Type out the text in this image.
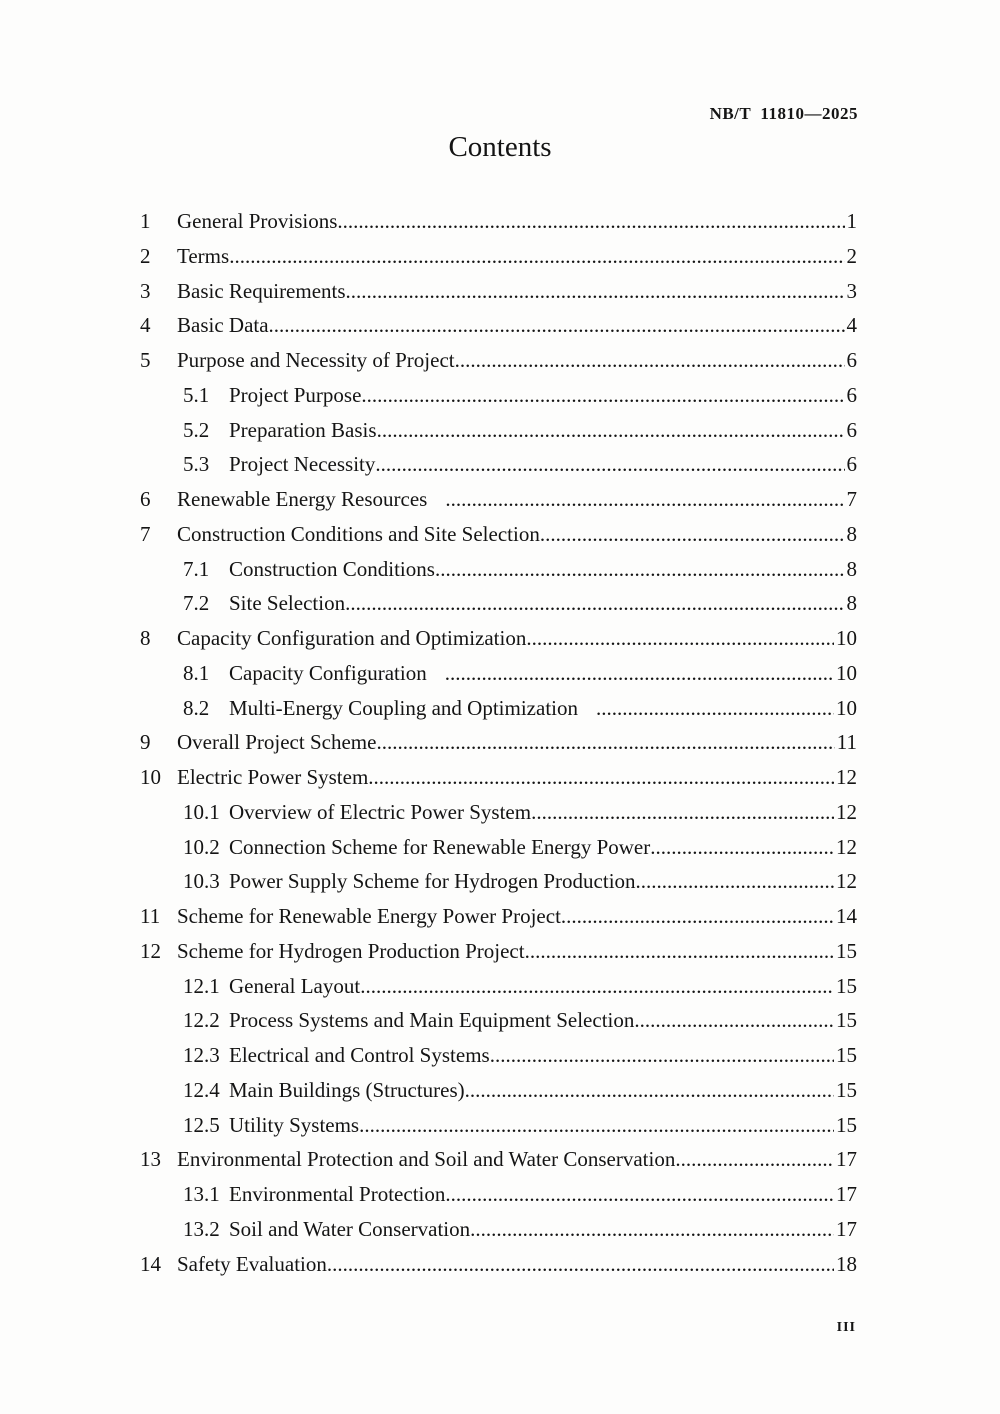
NB/T  11810—2025

Contents
1	General Provisions .....	1
2	Terms .....	2
3	Basic Requirements .....	3
4	Basic Data .....	4
5	Purpose and Necessity of Project .....	6
5.1 Project Purpose .....	6
5.2 Preparation Basis .....	6
5.3 Project Necessity .....	6
6	Renewable Energy Resources .....	7
7	Construction Conditions and Site Selection .....	8
7.1 Construction Conditions .....	8
7.2 Site Selection .....	8
8	Capacity Configuration and Optimization .....	10
8.1 Capacity Configuration .....	10
8.2 Multi-Energy Coupling and Optimization .....	10
9	Overall Project Scheme .....	11
10 Electric Power System .....	12
10.1 Overview of Electric Power System .....	12
10.2 Connection Scheme for Renewable Energy Power .....	12
10.3 Power Supply Scheme for Hydrogen Production .....	12
11 Scheme for Renewable Energy Power Project .....	14
12 Scheme for Hydrogen Production Project .....	15
12.1 General Layout .....	15
12.2 Process Systems and Main Equipment Selection .....	15
12.3 Electrical and Control Systems .....	15
12.4 Main Buildings (Structures) .....	15
12.5 Utility Systems .....	15
13 Environmental Protection and Soil and Water Conservation .....	17
13.1 Environmental Protection .....	17
13.2 Soil and Water Conservation .....	17
14 Safety Evaluation .....	18
III
